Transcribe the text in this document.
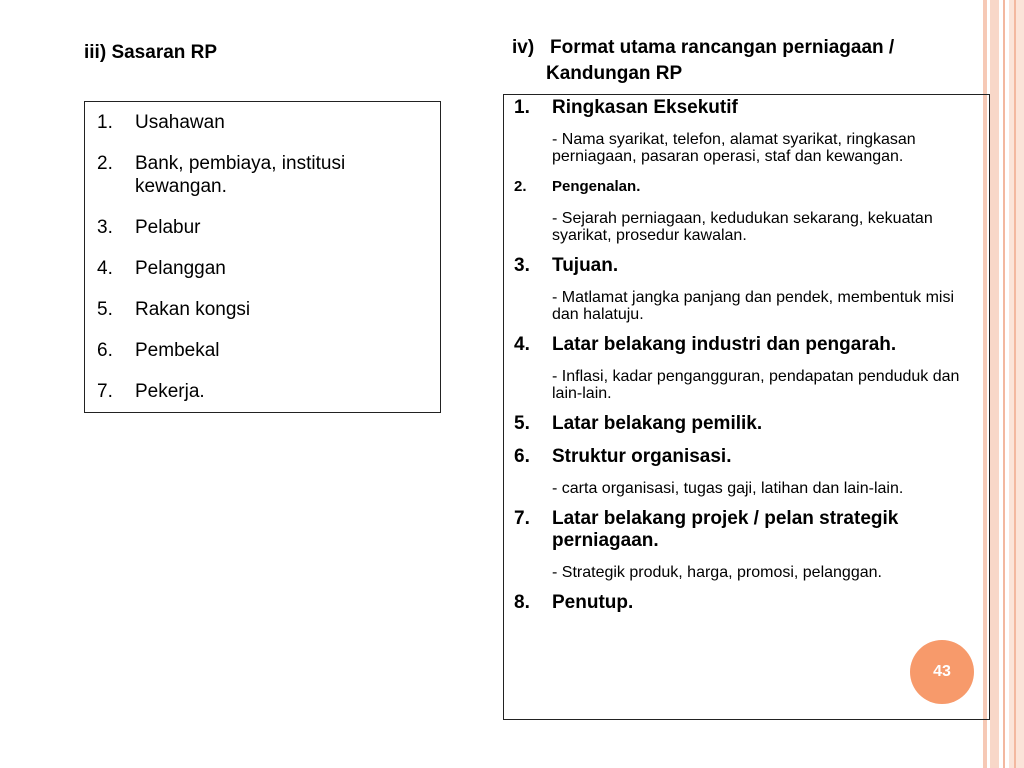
iii) Sasaran RP
1.	Usahawan
2.	Bank, pembiaya, institusi kewangan.
3.	Pelabur
4.	Pelanggan
5.	Rakan kongsi
6.	Pembekal
7.	Pekerja.
iv) Format utama rancangan perniagaan /
Kandungan RP
1.	Ringkasan Eksekutif
- Nama syarikat, telefon, alamat syarikat, ringkasan perniagaan, pasaran operasi, staf dan kewangan.
2.	Pengenalan.
- Sejarah perniagaan, kedudukan sekarang, kekuatan syarikat, prosedur kawalan.
3.	Tujuan.
- Matlamat jangka panjang dan pendek, membentuk misi dan halatuju.
4.	Latar belakang industri dan pengarah.
- Inflasi, kadar pengangguran, pendapatan penduduk dan lain-lain.
5.	Latar belakang pemilik.
6.	Struktur organisasi.
- carta organisasi, tugas gaji, latihan dan lain-lain.
7.	Latar belakang projek / pelan strategik perniagaan.
- Strategik produk, harga, promosi, pelanggan.
8.	Penutup.
43
